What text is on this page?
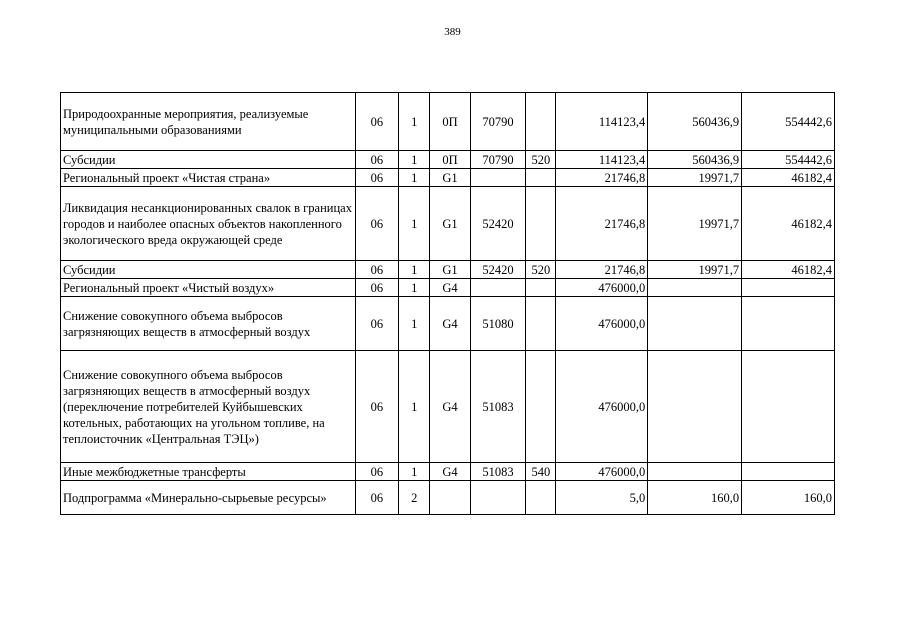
389
Природоохранные мероприятия, реализуемые муниципальными образованиями	06	1	0П	70790		114123,4	560436,9	554442,6
Субсидии	06	1	0П	70790	520	114123,4	560436,9	554442,6
Региональный проект «Чистая страна»	06	1	G1			21746,8	19971,7	46182,4
Ликвидация несанкционированных свалок в границах городов и наиболее опасных объектов накопленного экологического вреда окружающей среде	06	1	G1	52420		21746,8	19971,7	46182,4
Субсидии	06	1	G1	52420	520	21746,8	19971,7	46182,4
Региональный проект «Чистый воздух»	06	1	G4			476000,0		
Снижение совокупного объема выбросов загрязняющих веществ в атмосферный воздух	06	1	G4	51080		476000,0		
Снижение совокупного объема выбросов загрязняющих веществ в атмосферный воздух (переключение потребителей Куйбышевских котельных, работающих на угольном топливе, на теплоисточник «Центральная ТЭЦ»)	06	1	G4	51083		476000,0		
Иные межбюджетные трансферты	06	1	G4	51083	540	476000,0		
Подпрограмма «Минерально-сырьевые ресурсы»	06	2				5,0	160,0	160,0
